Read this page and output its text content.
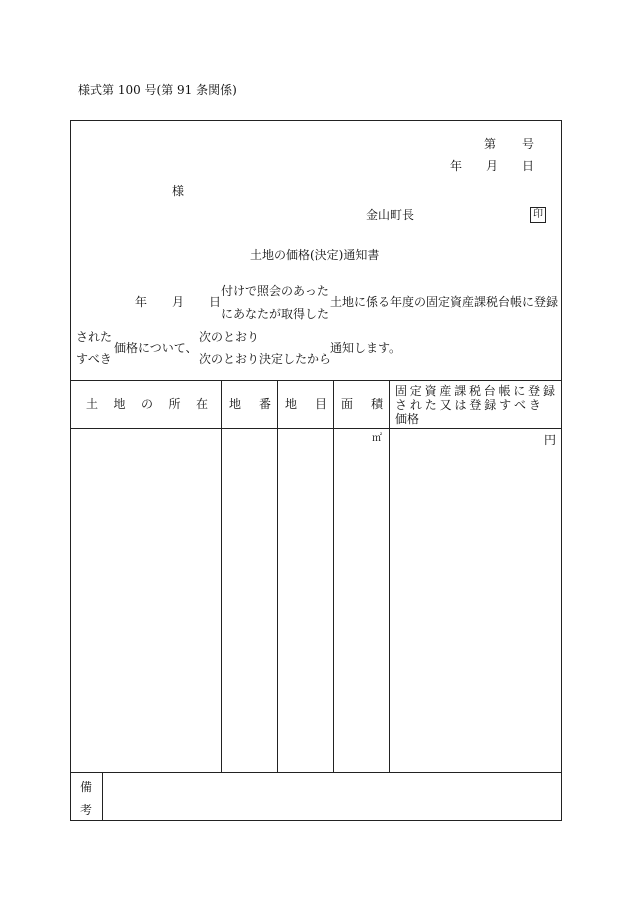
様式第 100 号(第 91 条関係)
第 号
年 月 日
様
金山町長	印
土地の価格(決定)通知書
年 月 日
付けで照会のあった
にあなたが取得した
土地に係る年度の固定資産課税台帳に登録
された
すべき
価格について、
次のとおり
次のとおり決定したから
通知します。
土 地 の 所 在 地 番 地 目 面 積
固 定 資 産 課 税 台 帳 に 登 録
さ れ た 又 は 登 録 す べ き
価格
㎡	円
備
考
